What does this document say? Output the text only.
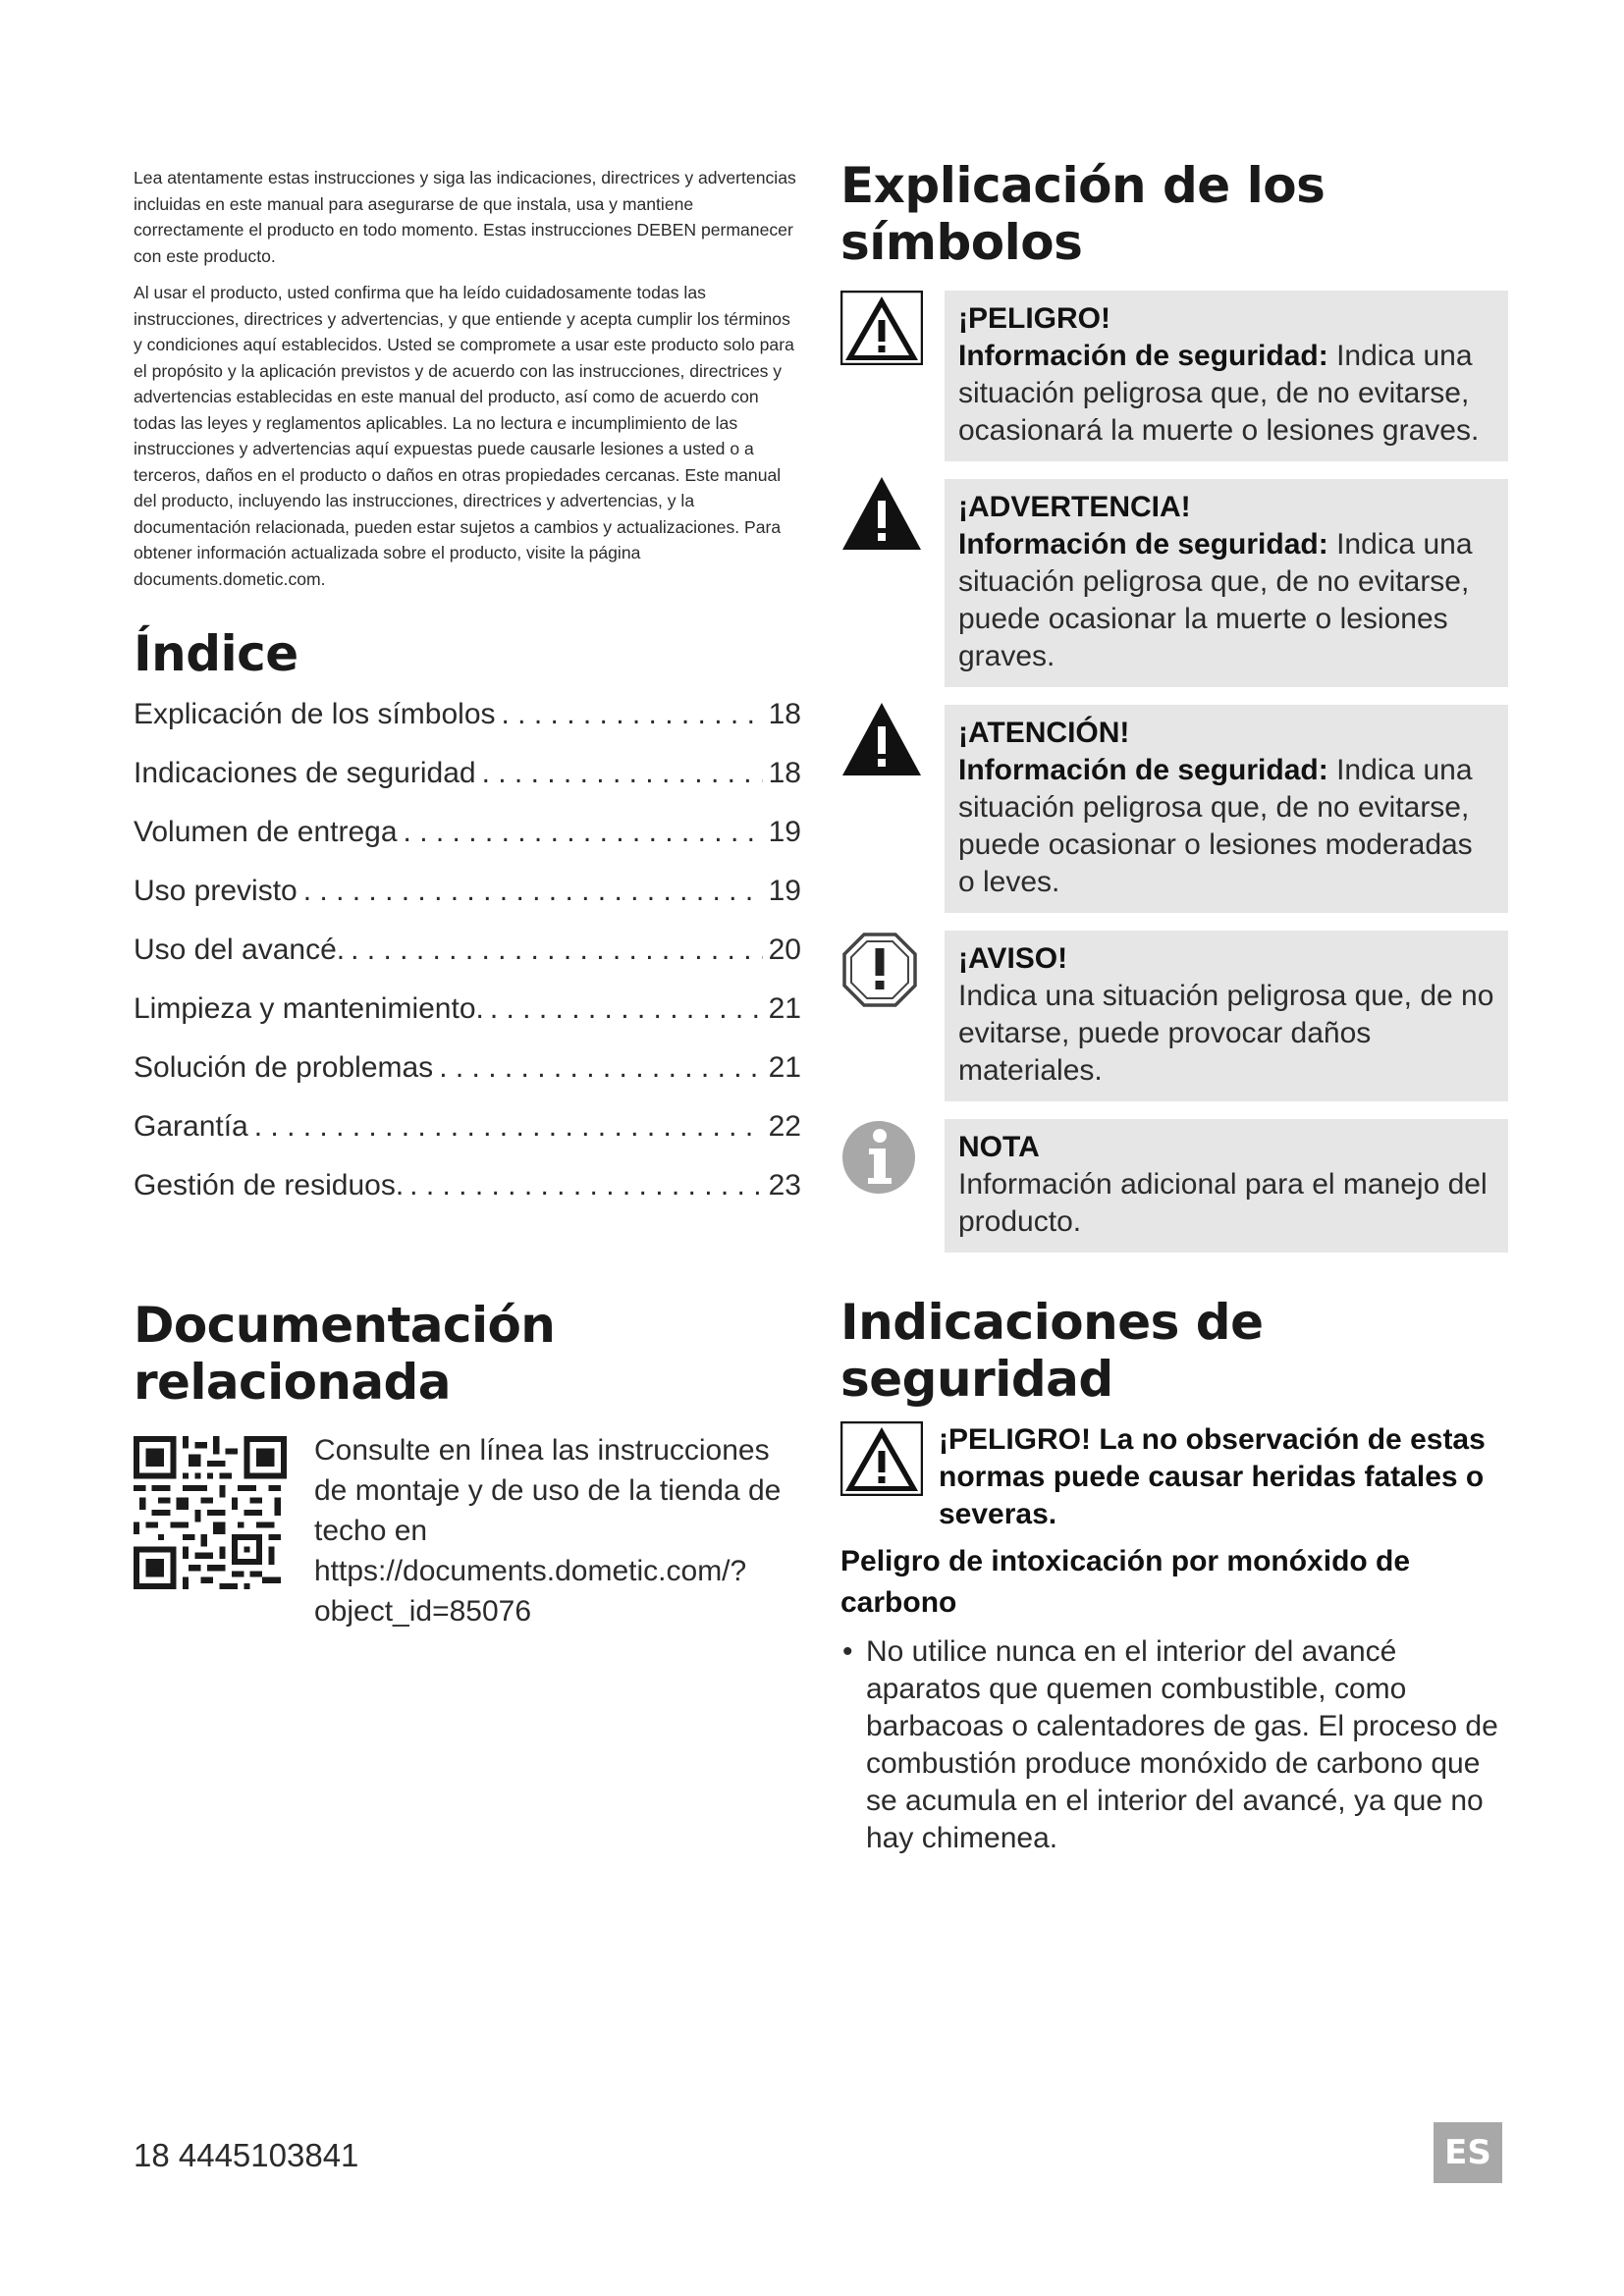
Lea atentamente estas instrucciones y siga las indicaciones, directrices y advertencias incluidas en este manual para asegurarse de que instala, usa y mantiene correctamente el producto en todo momento. Estas instrucciones DEBEN permanecer con este producto.

Al usar el producto, usted confirma que ha leído cuidadosamente todas las instrucciones, directrices y advertencias, y que entiende y acepta cumplir los términos y condiciones aquí establecidos. Usted se compromete a usar este producto solo para el propósito y la aplicación previstos y de acuerdo con las instrucciones, directrices y advertencias establecidas en este manual del producto, así como de acuerdo con todas las leyes y reglamentos aplicables. La no lectura e incumplimiento de las instrucciones y advertencias aquí expuestas puede causarle lesiones a usted o a terceros, daños en el producto o daños en otras propiedades cercanas. Este manual del producto, incluyendo las instrucciones, directrices y advertencias, y la documentación relacionada, pueden estar sujetos a cambios y actualizaciones. Para obtener información actualizada sobre el producto, visite la página documents.dometic.com.

Índice
Explicación de los símbolos . . .	18
Indicaciones de seguridad . . .	18
Volumen de entrega . . .	19
Uso previsto . . .	19
Uso del avancé. . . .	20
Limpieza y mantenimiento. . . .	21
Solución de problemas . . .	21
Garantía . . .	22
Gestión de residuos. . . .	23
Documentación relacionada
Consulte en línea las instrucciones de montaje y de uso de la tienda de techo en https://documents.dometic.com/?object_id=85076
Explicación de los símbolos
¡PELIGRO!
Información de seguridad: Indica una situación peligrosa que, de no evitarse, ocasionará la muerte o lesiones graves.
¡ADVERTENCIA!
Información de seguridad: Indica una situación peligrosa que, de no evitarse, puede ocasionar la muerte o lesiones graves.
¡ATENCIÓN!
Información de seguridad: Indica una situación peligrosa que, de no evitarse, puede ocasionar o lesiones moderadas o leves.
¡AVISO!
Indica una situación peligrosa que, de no evitarse, puede provocar daños materiales.
NOTA
Información adicional para el manejo del producto.
Indicaciones de seguridad
¡PELIGRO! La no observación de estas normas puede causar heridas fatales o severas.
Peligro de intoxicación por monóxido de carbono
• No utilice nunca en el interior del avancé aparatos que quemen combustible, como barbacoas o calentadores de gas. El proceso de combustión produce monóxido de carbono que se acumula en el interior del avancé, ya que no hay chimenea.
18 4445103841	ES
